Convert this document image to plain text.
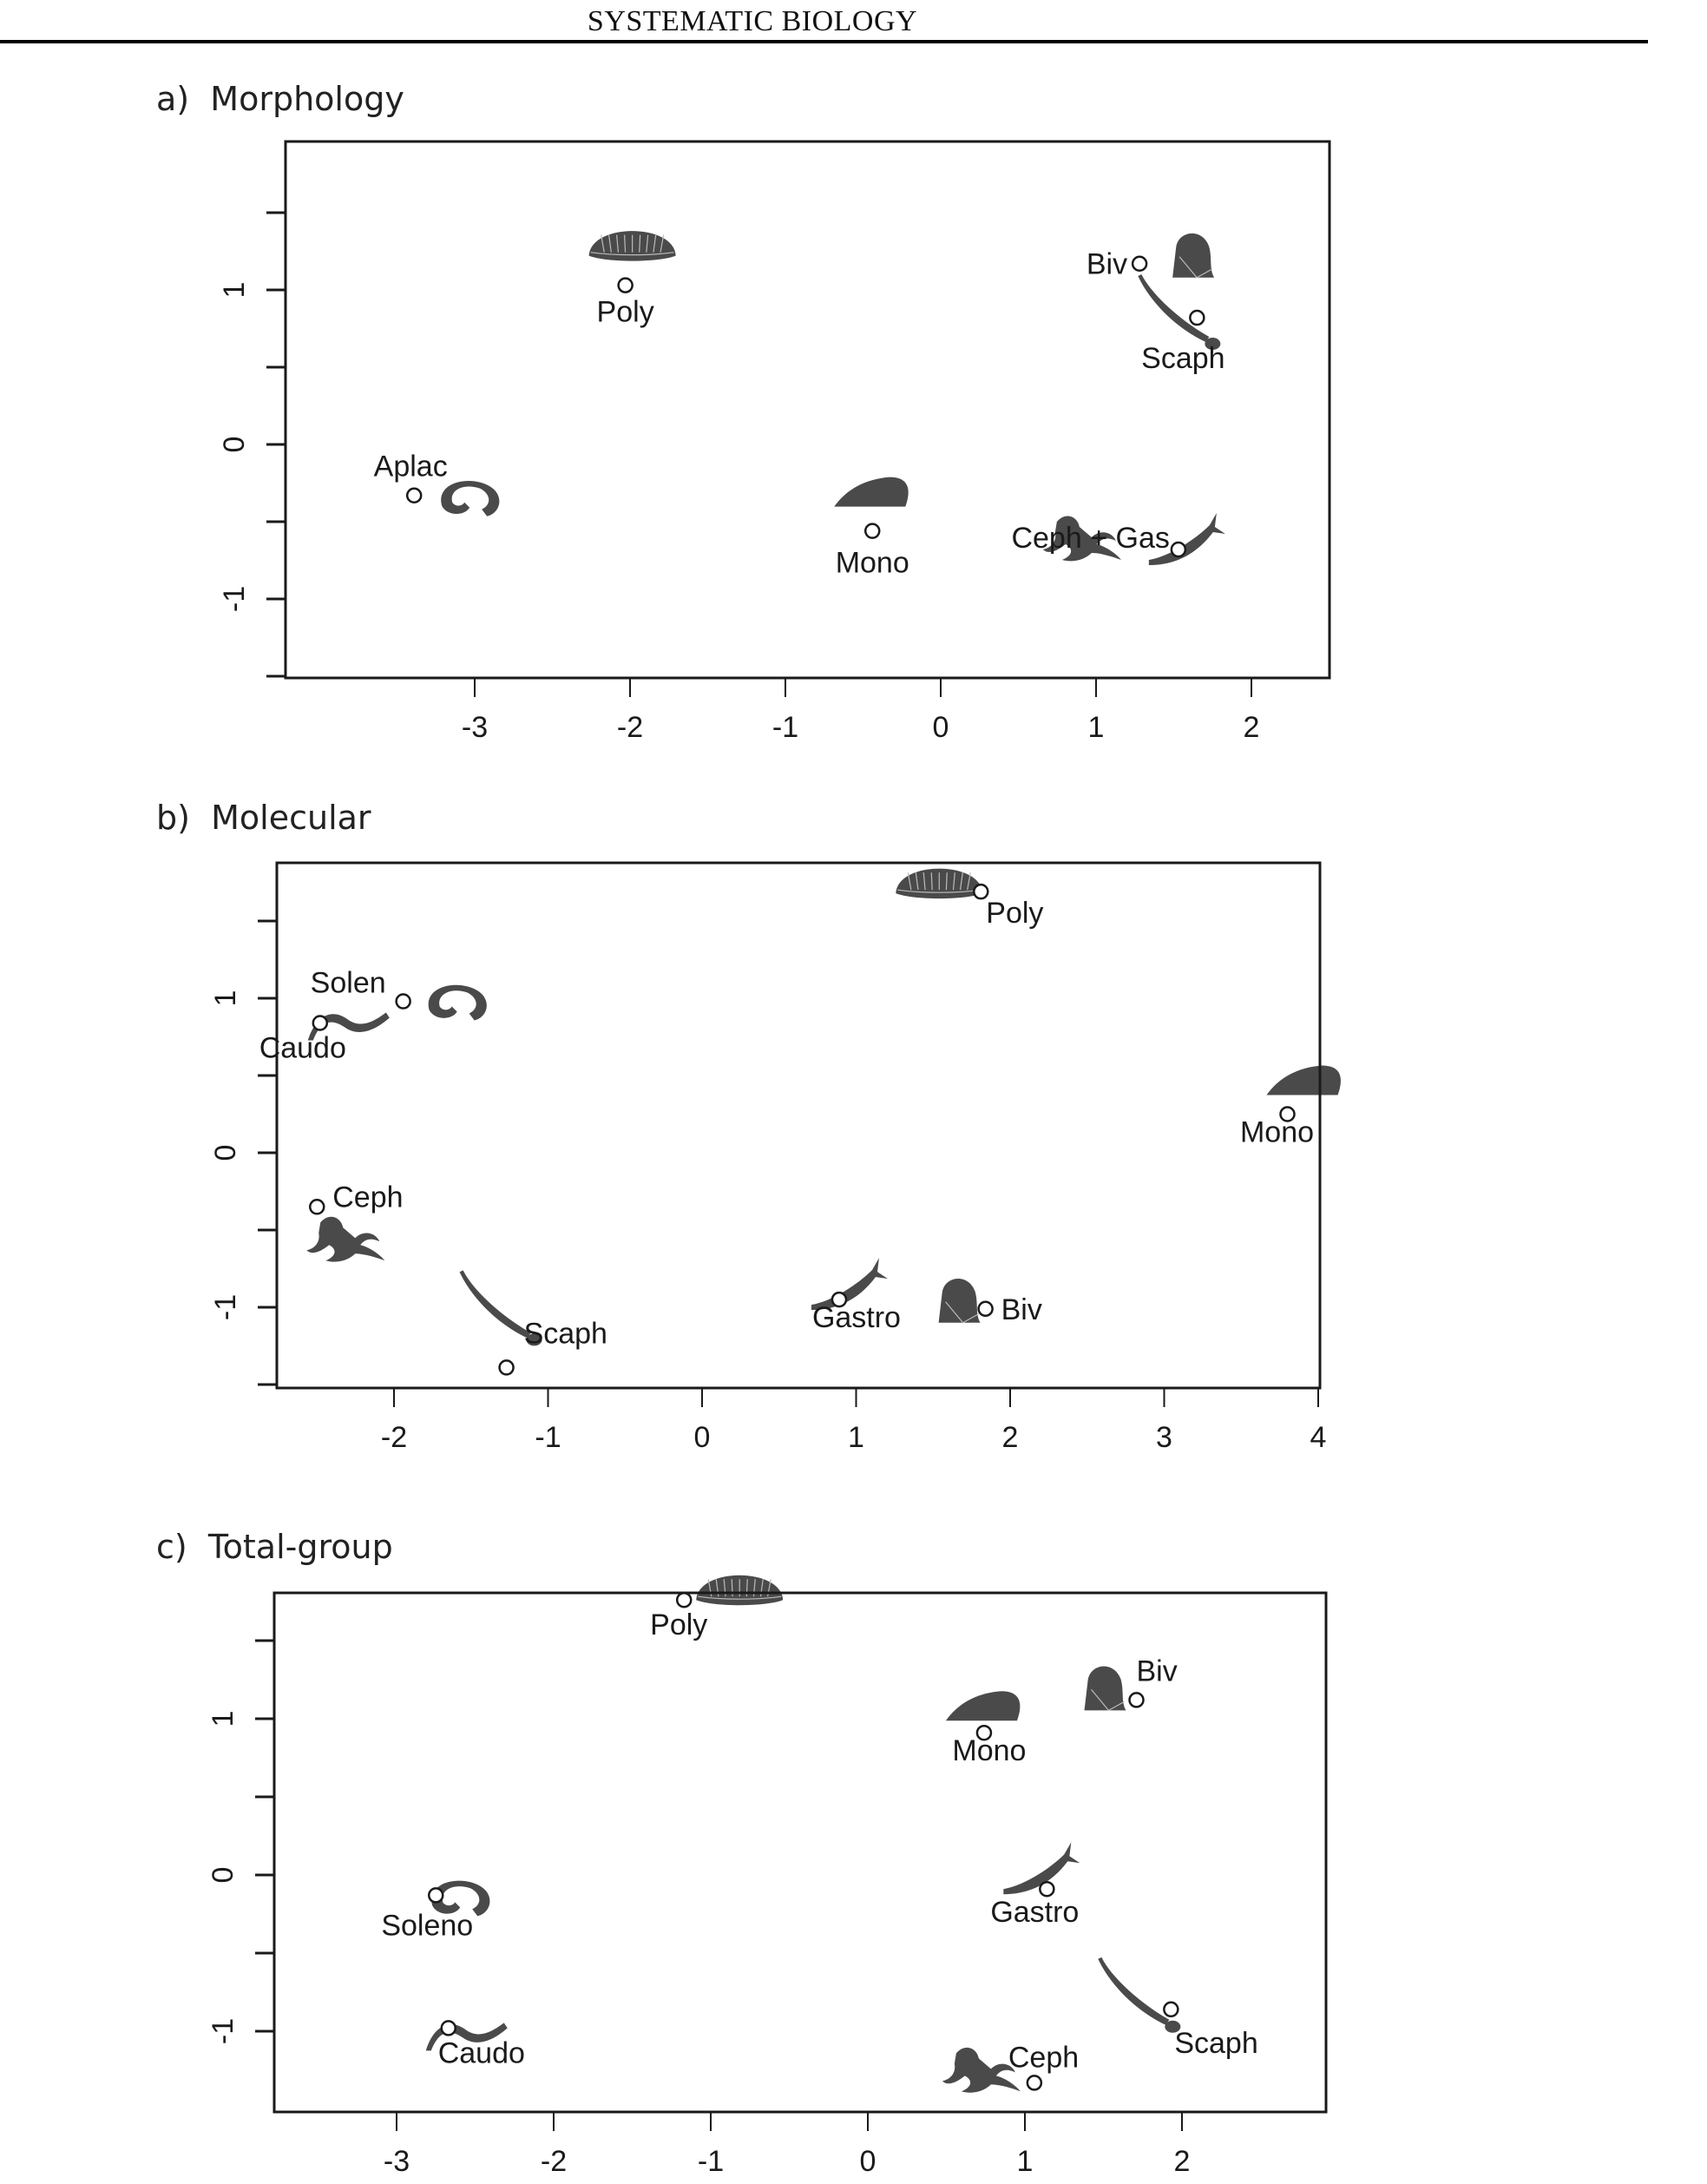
SYSTEMATIC BIOLOGY
a) Morphology
b) Molecular
c) Total-group
-3	-2	-1	0	1	2
-1
0
1
Poly
Biv
Scaph
Aplac
Mono
Ceph + Gas
-2	-1	0	1	2	3	4
-1
0
1
Poly
Solen
Caudo
Mono
Ceph
Gastro	Biv
Scaph
-3	-2	-1	0	1	2
-1
0
1
Poly
Biv
Mono
Soleno	Gastro
Scaph
Caudo	Ceph
